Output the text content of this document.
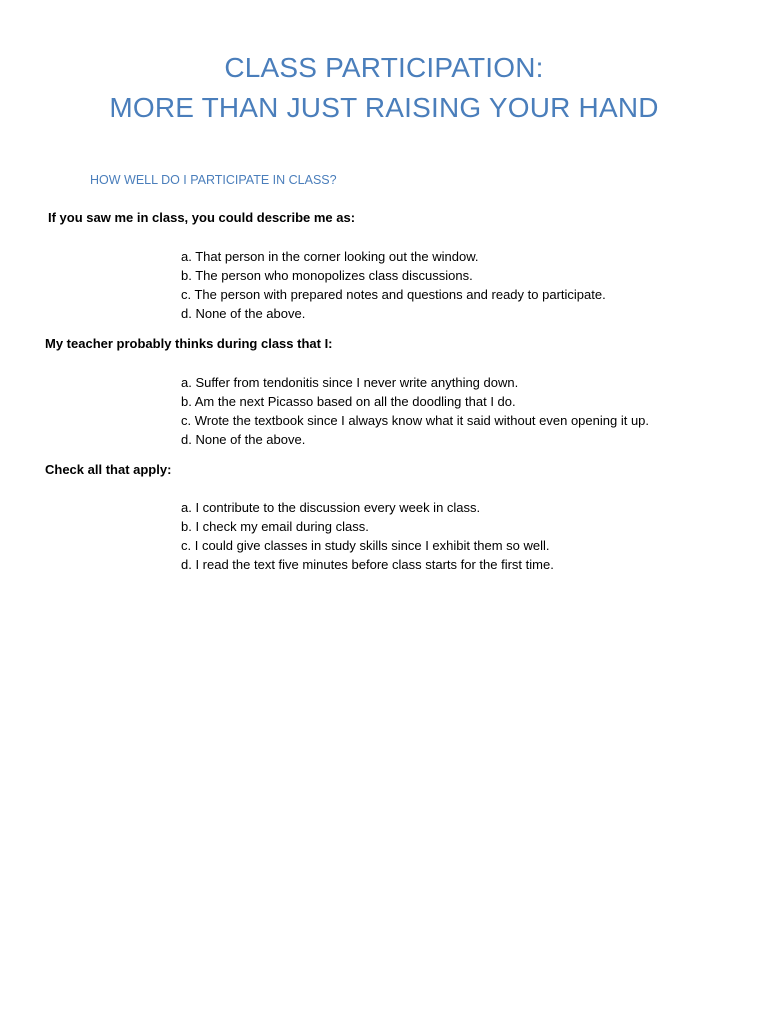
CLASS PARTICIPATION:
MORE THAN JUST RAISING YOUR HAND
HOW WELL DO I PARTICIPATE IN CLASS?
If you saw me in class, you could describe me as:
a. That person in the corner looking out the window.
b. The person who monopolizes class discussions.
c. The person with prepared notes and questions and ready to participate.
d. None of the above.
My teacher probably thinks during class that I:
a. Suffer from tendonitis since I never write anything down.
b. Am the next Picasso based on all the doodling that I do.
c. Wrote the textbook since I always know what it said without even opening it up.
d. None of the above.
Check all that apply:
a. I contribute to the discussion every week in class.
b. I check my email during class.
c. I could give classes in study skills since I exhibit them so well.
d. I read the text five minutes before class starts for the first time.
